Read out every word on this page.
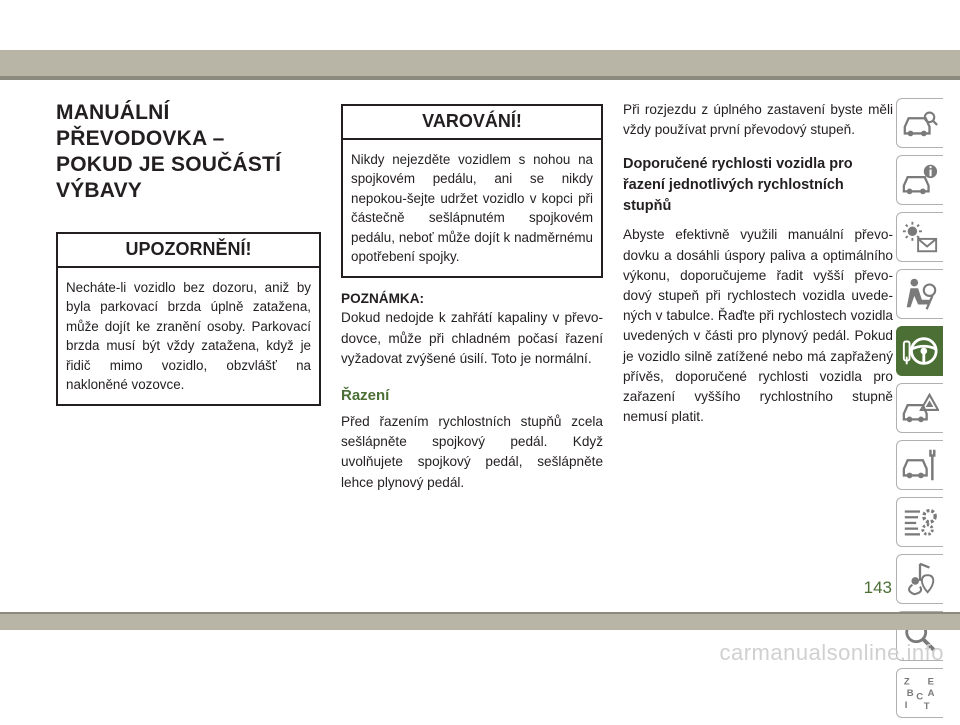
MANUÁLNÍ PŘEVODOVKA –
POKUD JE SOUČÁSTÍ
VÝBAVY
UPOZORNĚNÍ!
Necháte-li vozidlo bez dozoru, aniž by byla parkovací brzda úplně zatažena, může dojít ke zranění osoby. Parkovací brzda musí být vždy zatažena, když je řidič mimo vozidlo, obzvlášť na nakloněné vozovce.
VAROVÁNÍ!
Nikdy nejezděte vozidlem s nohou na spojkovém pedálu, ani se nikdy nepokou-šejte udržet vozidlo v kopci při částečně sešlápnutém spojkovém pedálu, neboť může dojít k nadměrnému opotřebení spojky.
POZNÁMKA:

Dokud nedojde k zahřátí kapaliny v převo-dovce, může při chladném počasí řazení vyžadovat zvýšené úsilí. Toto je normální.

Řazení

Před řazením rychlostních stupňů zcela sešlápněte spojkový pedál. Když uvolňujete spojkový pedál, sešlápněte lehce plynový pedál.

Při rozjezdu z úplného zastavení byste měli vždy používat první převodový stupeň.

Doporučené rychlosti vozidla pro řazení jednotlivých rychlostních stupňů

Abyste efektivně využili manuální převo-dovku a dosáhli úspory paliva a optimálního výkonu, doporučujeme řadit vyšší převo-dový stupeň při rychlostech vozidla uvede-ných v tabulce. Řaďte při rychlostech vozidla uvedených v části pro plynový pedál. Pokud je vozidlo silně zatížené nebo má zapřažený přívěs, doporučené rychlosti vozidla pro zařazení vyššího rychlostního stupně nemusí platit.

Z E
B C A
I T
143
carmanualsonline.info
